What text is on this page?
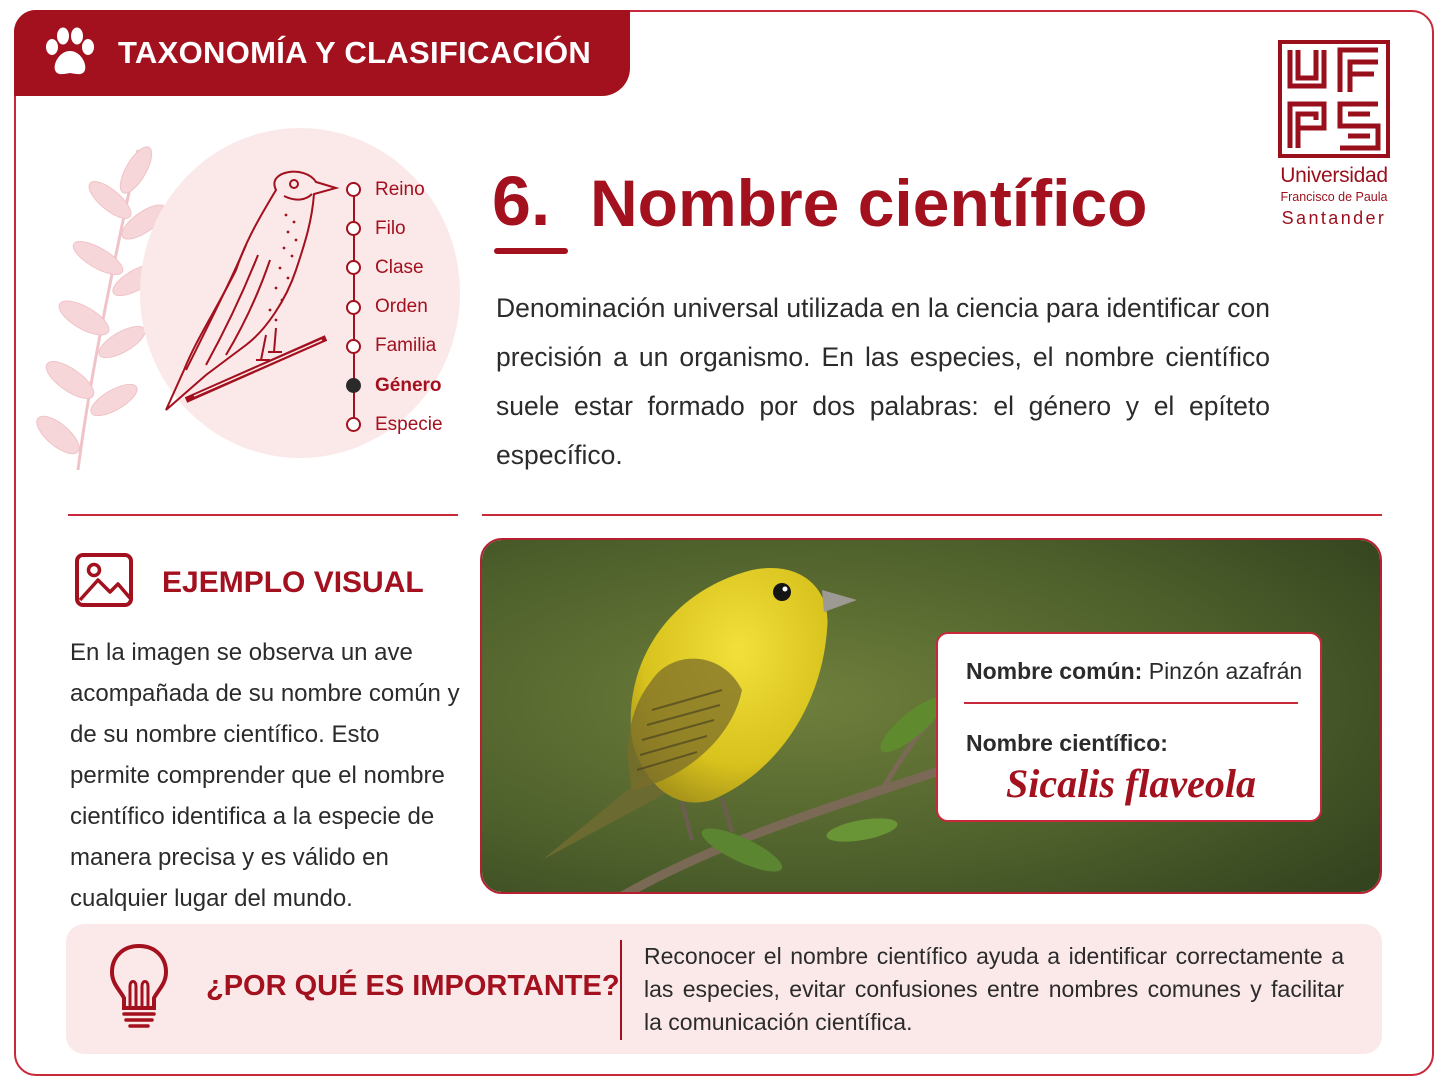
TAXONOMÍA Y CLASIFICACIÓN
Universidad
Francisco de Paula
Santander
Reino
Filo
Clase
Orden
Familia
Género
Especie
6. Nombre científico

Denominación universal utilizada en la ciencia para identificar con precisión a un organismo. En las especies, el nombre científico suele estar formado por dos palabras: el género y el epíteto específico.

EJEMPLO VISUAL

En la imagen se observa un ave acompañada de su nombre común y de su nombre científico. Esto permite comprender que el nombre científico identifica a la especie de manera precisa y es válido en cualquier lugar del mundo.

Nombre común: Pinzón azafrán
Nombre científico:
Sicalis flaveola
¿POR QUÉ ES IMPORTANTE?

Reconocer el nombre científico ayuda a identificar correctamente a las especies, evitar confusiones entre nombres comunes y facilitar la comunicación científica.
